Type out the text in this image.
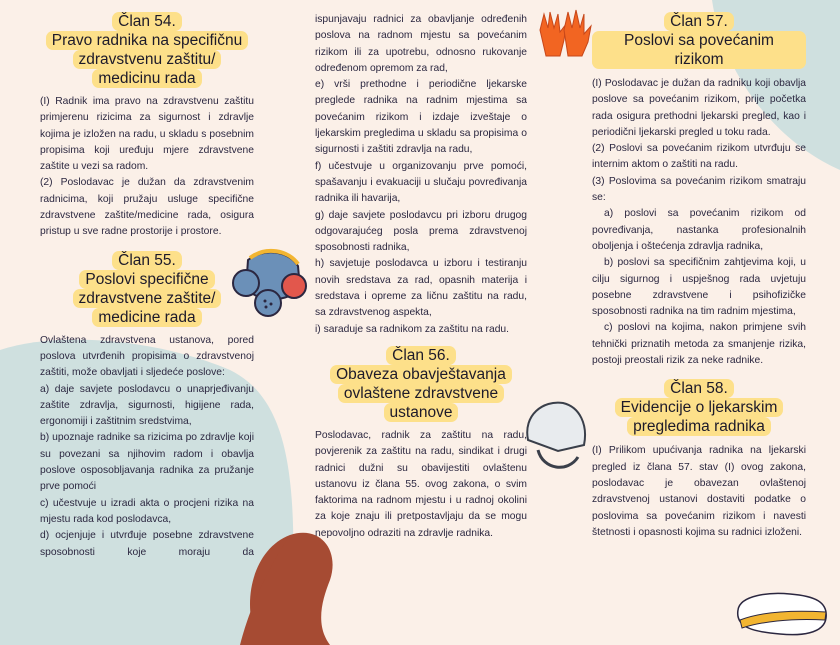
Član 54.
Pravo radnika na specifičnu
zdravstvenu zaštitu/
medicinu rada

(I) Radnik ima pravo na zdravstvenu zaštitu primjerenu rizicima za sigurnost i zdravlje kojima je izložen na radu, u skladu s posebnim propisima koji uređuju mjere zdravstvene zaštite u vezi sa radom.

(2) Poslodavac je dužan da zdravstvenim radnicima, koji pružaju usluge specifične zdravstvene zaštite/medicine rada, osigura pristup u sve radne prostorije i prostore.

Član 55.
Poslovi specifične
zdravstvene zaštite/
medicine rada

Ovlaštena zdravstvena ustanova, pored poslova utvrđenih propisima o zdravstvenoj zaštiti, može obavljati i sljedeće poslove:

a) daje savjete poslodavcu o unaprjeđivanju zaštite zdravlja, sigurnosti, higijene rada, ergonomiji i zaštitnim sredstvima,

b) upoznaje radnike sa rizicima po zdravlje koji su povezani sa njihovim radom i obavlja poslove osposobljavanja radnika za pružanje prve pomoći

c) učestvuje u izradi akta o procjeni rizika na mjestu rada kod poslodavca,

d) ocjenjuje i utvrđuje posebne zdravstvene sposobnosti koje moraju da

ispunjavaju radnici za obavljanje određenih poslova na radnom mjestu sa povećanim rizikom ili za upotrebu, odnosno rukovanje određenom opremom za rad,

e) vrši prethodne i periodične ljekarske preglede radnika na radnim mjestima sa povećanim rizikom i izdaje izveštaje o ljekarskim pregledima u skladu sa propisima o sigurnosti i zaštiti zdravlja na radu,

f) učestvuje u organizovanju prve pomoći, spašavanju i evakuaciji u slučaju povređivanja radnika ili havarija,

g) daje savjete poslodavcu pri izboru drugog odgovarajućeg posla prema zdravstvenoj sposobnosti radnika,

h) savjetuje poslodavca u izboru i testiranju novih sredstava za rad, opasnih materija i sredstava i opreme za ličnu zaštitu na radu, sa zdravstvenog aspekta,

i) saraduje sa radnikom za zaštitu na radu.

Član 56.
Obaveza obavještavanja
ovlaštene zdravstvene
ustanove

Poslodavac, radnik za zaštitu na radu, povjerenik za zaštitu na radu, sindikat i drugi radnici dužni su obavijestiti ovlaštenu ustanovu iz člana 55. ovog zakona, o svim faktorima na radnom mjestu i u radnoj okolini za koje znaju ili pretpostavljaju da se mogu nepovoljno odraziti na zdravlje radnika.

Član 57.
Poslovi sa povećanim rizikom

(I) Poslodavac je dužan da radniku koji obavlja poslove sa povećanim rizikom, prije početka rada osigura prethodni ljekarski pregled, kao i periodični ljekarski pregled u toku rada.

(2) Poslovi sa povećanim rizikom utvrđuju se internim aktom o zaštiti na radu.

(3) Poslovima sa povećanim rizikom smatraju se:

a) poslovi sa povećanim rizikom od povređivanja, nastanka profesionalnih oboljenja i oštećenja zdravlja radnika,

b) poslovi sa specifičnim zahtjevima koji, u cilju sigurnog i uspješnog rada uvjetuju posebne zdravstvene i psihofizičke sposobnosti radnika na tim radnim mjestima,

c) poslovi na kojima, nakon primjene svih tehnički priznatih metoda za smanjenje rizika, postoji preostali rizik za neke radnike.

Član 58.
Evidencije o ljekarskim
pregledima radnika

(I) Prilikom upućivanja radnika na ljekarski pregled iz člana 57. stav (I) ovog zakona, poslodavac je obavezan ovlaštenoj zdravstvenoj ustanovi dostaviti podatke o poslovima sa povećanim rizikom i navesti štetnosti i opasnosti kojima su radnici izloženi.
